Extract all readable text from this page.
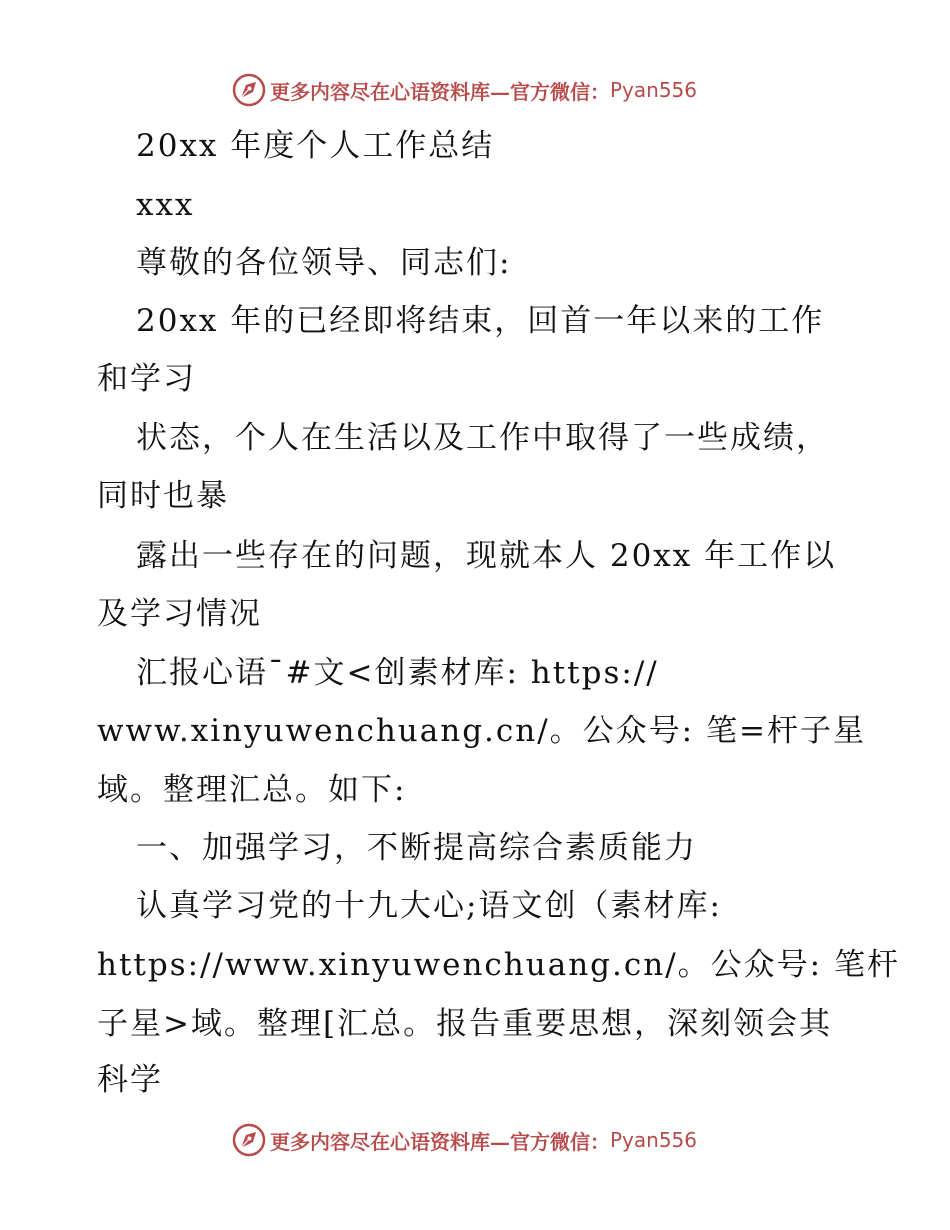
更多内容尽在心语资料库—官方微信： Pyan556
20xx 年度个人工作总结
xxx
尊敬的各位领导、同志们:
20xx 年的已经即将结束，回首一年以来的工作
和学习
状态，个人在生活以及工作中取得了一些成绩，
同时也暴
露出一些存在的问题，现就本人 20xx 年工作以
及学习情况
汇报心语¯#文<创素材库: https://
www.xinyuwenchuang.cn/。公众号: 笔=杆子星
域。整理汇总。如下:
一、加强学习，不断提高综合素质能力
认真学习党的十九大心;语文创（素材库:
https://www.xinyuwenchuang.cn/。公众号: 笔杆
子星>域。整理[汇总。报告重要思想，深刻领会其
科学
更多内容尽在心语资料库—官方微信： Pyan556
